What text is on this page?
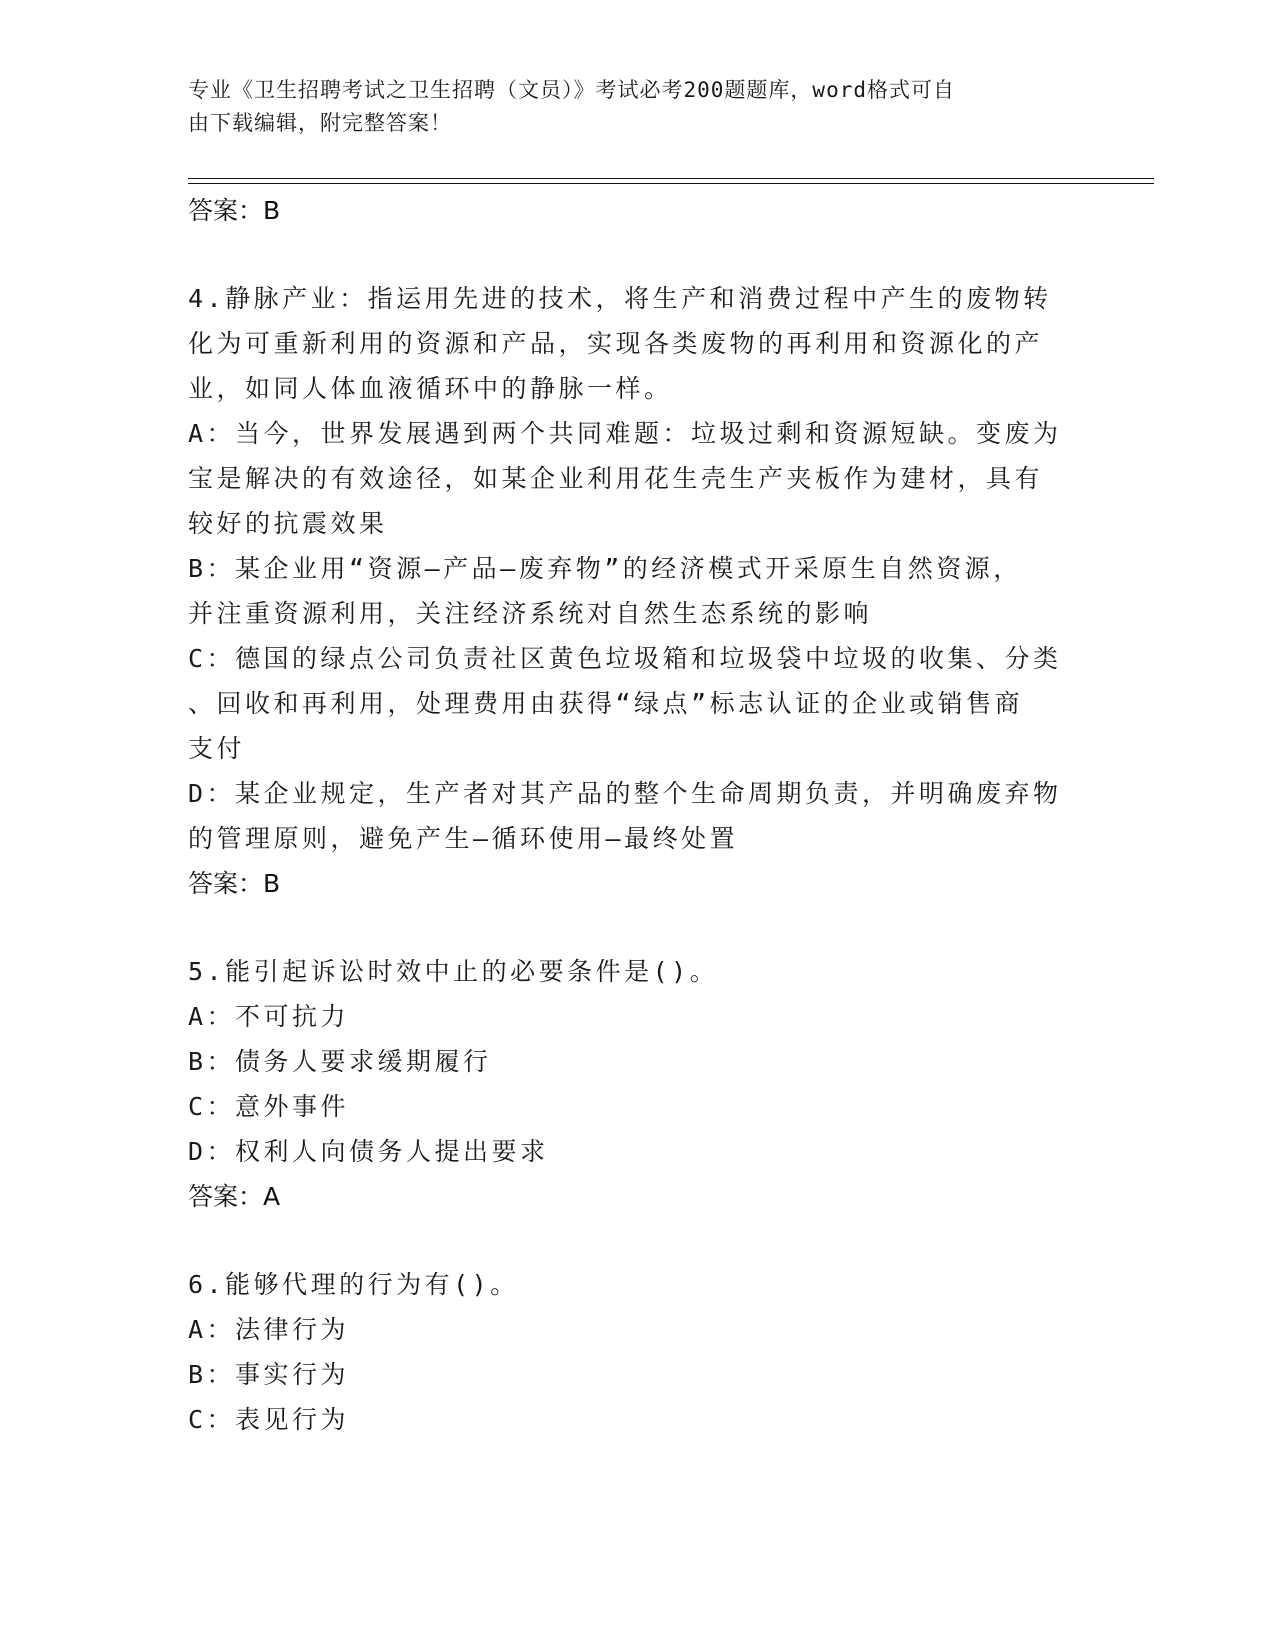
专业《卫生招聘考试之卫生招聘（文员）》考试必考200题题库，word格式可自
由下载编辑，附完整答案！

答案：B

4.静脉产业：指运用先进的技术，将生产和消费过程中产生的废物转

化为可重新利用的资源和产品，实现各类废物的再利用和资源化的产

业，如同人体血液循环中的静脉一样。

A：当今，世界发展遇到两个共同难题：垃圾过剩和资源短缺。变废为

宝是解决的有效途径，如某企业利用花生壳生产夹板作为建材，具有

较好的抗震效果

B：某企业用“资源—产品—废弃物”的经济模式开采原生自然资源，

并注重资源利用，关注经济系统对自然生态系统的影响

C：德国的绿点公司负责社区黄色垃圾箱和垃圾袋中垃圾的收集、分类

、回收和再利用，处理费用由获得“绿点”标志认证的企业或销售商

支付

D：某企业规定，生产者对其产品的整个生命周期负责，并明确废弃物

的管理原则，避免产生—循环使用—最终处置

答案：B

5.能引起诉讼时效中止的必要条件是()。

A：不可抗力

B：债务人要求缓期履行

C：意外事件

D：权利人向债务人提出要求

答案：A

6.能够代理的行为有()。

A：法律行为

B：事实行为

C：表见行为
